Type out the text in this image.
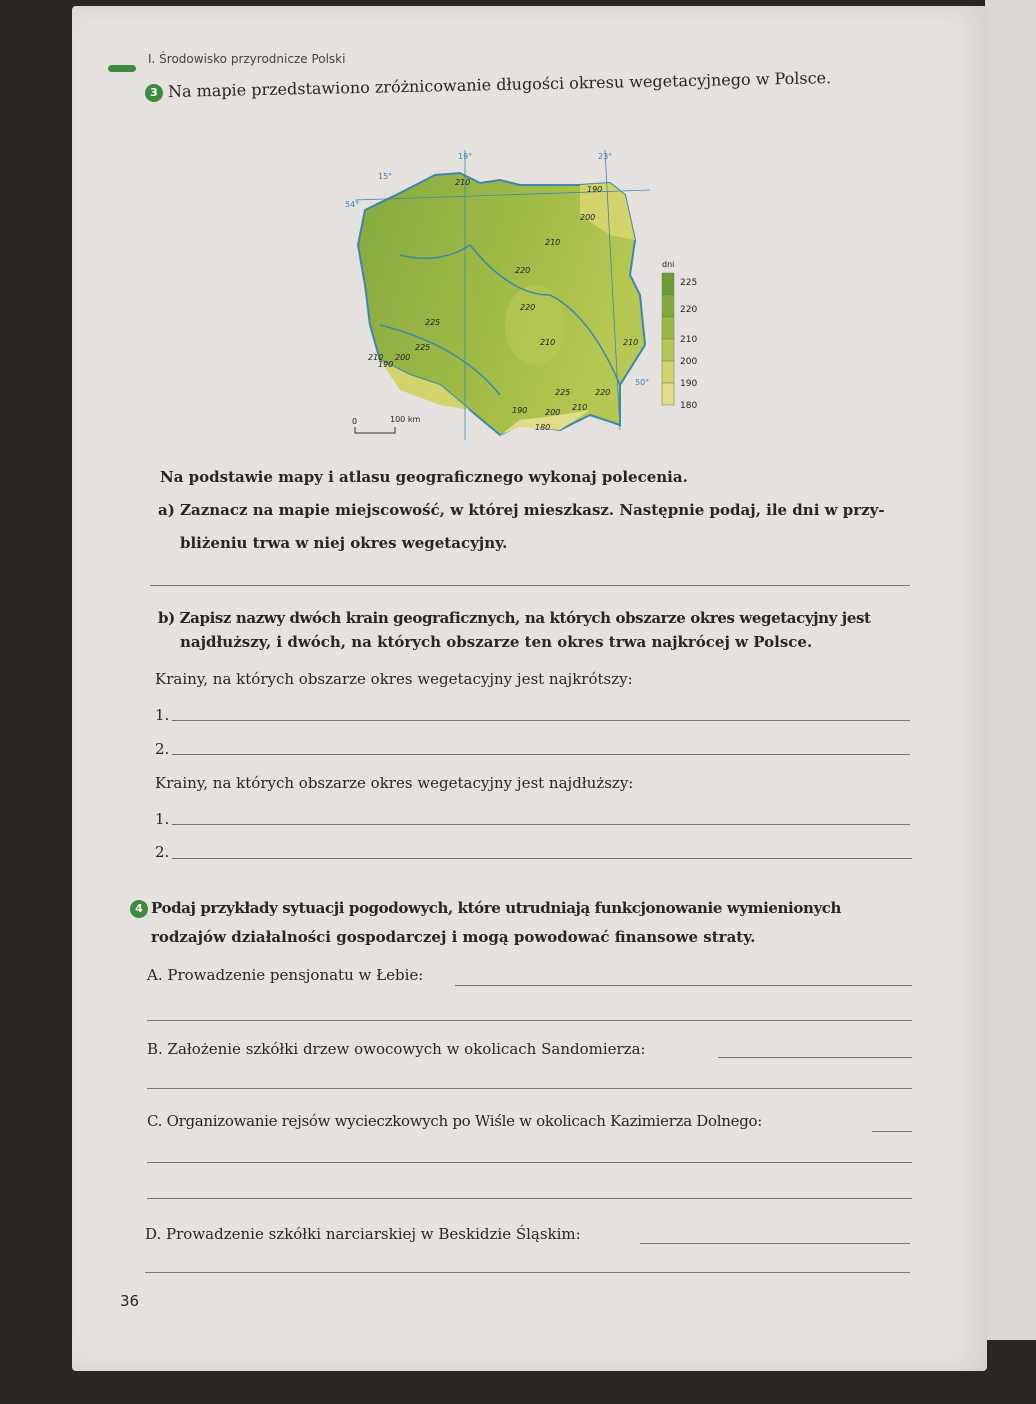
I. Środowisko przyrodnicze Polski
3 Na mapie przedstawiono zróżnicowanie długości okresu wegetacyjnego w Polsce.
19°	23°
15°
54°
50°
210
190
200
210
220
220
210	210
225
225
200
190
210
225	220
210
200
190
180
0	100 km
dni
225
220
210
200
190
180
Na podstawie mapy i atlasu geograficznego wykonaj polecenia.
a) Zaznacz na mapie miejscowość, w której mieszkasz. Następnie podaj, ile dni w przy-
bliżeniu trwa w niej okres wegetacyjny.
b) Zapisz nazwy dwóch krain geograficznych, na których obszarze okres wegetacyjny jest
najdłuższy, i dwóch, na których obszarze ten okres trwa najkrócej w Polsce.
Krainy, na których obszarze okres wegetacyjny jest najkrótszy:
1.
2.
Krainy, na których obszarze okres wegetacyjny jest najdłuższy:
1.
2.
4 Podaj przykłady sytuacji pogodowych, które utrudniają funkcjonowanie wymienionych
rodzajów działalności gospodarczej i mogą powodować finansowe straty.
A. Prowadzenie pensjonatu w Łebie:
B. Założenie szkółki drzew owocowych w okolicach Sandomierza:
C. Organizowanie rejsów wycieczkowych po Wiśle w okolicach Kazimierza Dolnego:
D. Prowadzenie szkółki narciarskiej w Beskidzie Śląskim:
36
